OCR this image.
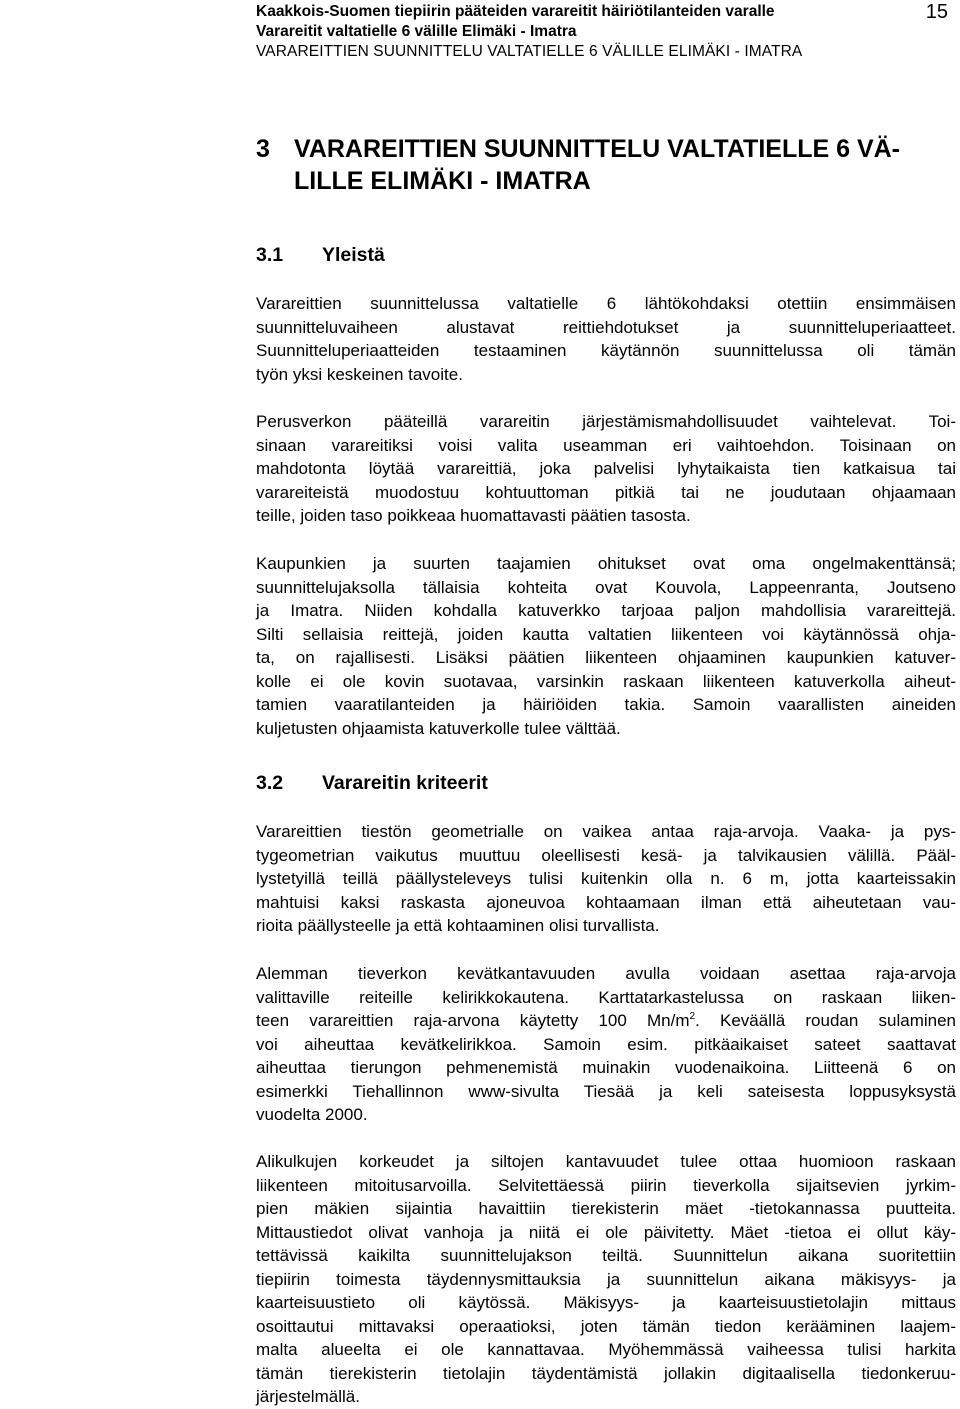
Kaakkois-Suomen tiepiirin pääteiden varareitit häiriötilanteiden varalle
Varareitit valtatielle 6 välille Elimäki - Imatra
VARAREITTIEN SUUNNITTELU VALTATIELLE 6 VÄLILLE ELIMÄKI - IMATRA
15
3 VARAREITTIEN SUUNNITTELU VALTATIELLE 6 VÄ-
LILLE ELIMÄKI - IMATRA
3.1 Yleistä
Varareittien suunnittelussa valtatielle 6 lähtökohdaksi otettiin ensimmäisen
suunnitteluvaiheen alustavat reittiehdotukset ja suunnitteluperiaatteet.
Suunnitteluperiaatteiden testaaminen käytännön suunnittelussa oli tämän
työn yksi keskeinen tavoite.
Perusverkon pääteillä varareitin järjestämismahdollisuudet vaihtelevat. Toi-
sinaan varareitiksi voisi valita useamman eri vaihtoehdon. Toisinaan on
mahdotonta löytää varareittiä, joka palvelisi lyhytaikaista tien katkaisua tai
varareiteistä muodostuu kohtuuttoman pitkiä tai ne joudutaan ohjaamaan
teille, joiden taso poikkeaa huomattavasti päätien tasosta.
Kaupunkien ja suurten taajamien ohitukset ovat oma ongelmakenttänsä;
suunnittelujaksolla tällaisia kohteita ovat Kouvola, Lappeenranta, Joutseno
ja Imatra. Niiden kohdalla katuverkko tarjoaa paljon mahdollisia varareittejä.
Silti sellaisia reittejä, joiden kautta valtatien liikenteen voi käytännössä ohja-
ta, on rajallisesti. Lisäksi päätien liikenteen ohjaaminen kaupunkien katuver-
kolle ei ole kovin suotavaa, varsinkin raskaan liikenteen katuverkolla aiheut-
tamien vaaratilanteiden ja häiriöiden takia. Samoin vaarallisten aineiden
kuljetusten ohjaamista katuverkolle tulee välttää.
3.2 Varareitin kriteerit
Varareittien tiestön geometrialle on vaikea antaa raja-arvoja. Vaaka- ja pys-
tygeometrian vaikutus muuttuu oleellisesti kesä- ja talvikausien välillä. Pääl-
lystetyillä teillä päällysteleveys tulisi kuitenkin olla n. 6 m, jotta kaarteissakin
mahtuisi kaksi raskasta ajoneuvoa kohtaamaan ilman että aiheutetaan vau-
rioita päällysteelle ja että kohtaaminen olisi turvallista.
Alemman tieverkon kevätkantavuuden avulla voidaan asettaa raja-arvoja
valittaville reiteille kelirikkokautena. Karttatarkastelussa on raskaan liiken-
teen varareittien raja-arvona käytetty 100 $Mn/m^2$. Keväällä roudan sulaminen
voi aiheuttaa kevätkelirikkoa. Samoin esim. pitkäaikaiset sateet saattavat
aiheuttaa tierungon pehmenemistä muinakin vuodenaikoina. Liitteenä 6 on
esimerkki Tiehallinnon www-sivulta Tiesää ja keli sateisesta loppusyksystä
vuodelta 2000.
Alikulkujen korkeudet ja siltojen kantavuudet tulee ottaa huomioon raskaan
liikenteen mitoitusarvoilla. Selvitettäessä piirin tieverkolla sijaitsevien jyrkim-
pien mäkien sijaintia havaittiin tierekisterin mäet -tietokannassa puutteita.
Mittaustiedot olivat vanhoja ja niitä ei ole päivitetty. Mäet -tietoa ei ollut käy-
tettävissä kaikilta suunnittelujakson teiltä. Suunnittelun aikana suoritettiin
tiepiirin toimesta täydennysmittauksia ja suunnittelun aikana mäkisyys- ja
kaarteisuustieto oli käytössä. Mäkisyys- ja kaarteisuustietolajin mittaus
osoittautui mittavaksi operaatioksi, joten tämän tiedon kerääminen laajem-
malta alueelta ei ole kannattavaa. Myöhemmässä vaiheessa tulisi harkita
tämän tierekisterin tietolajin täydentämistä jollakin digitaalisella tiedonkeruu-
järjestelmällä.
